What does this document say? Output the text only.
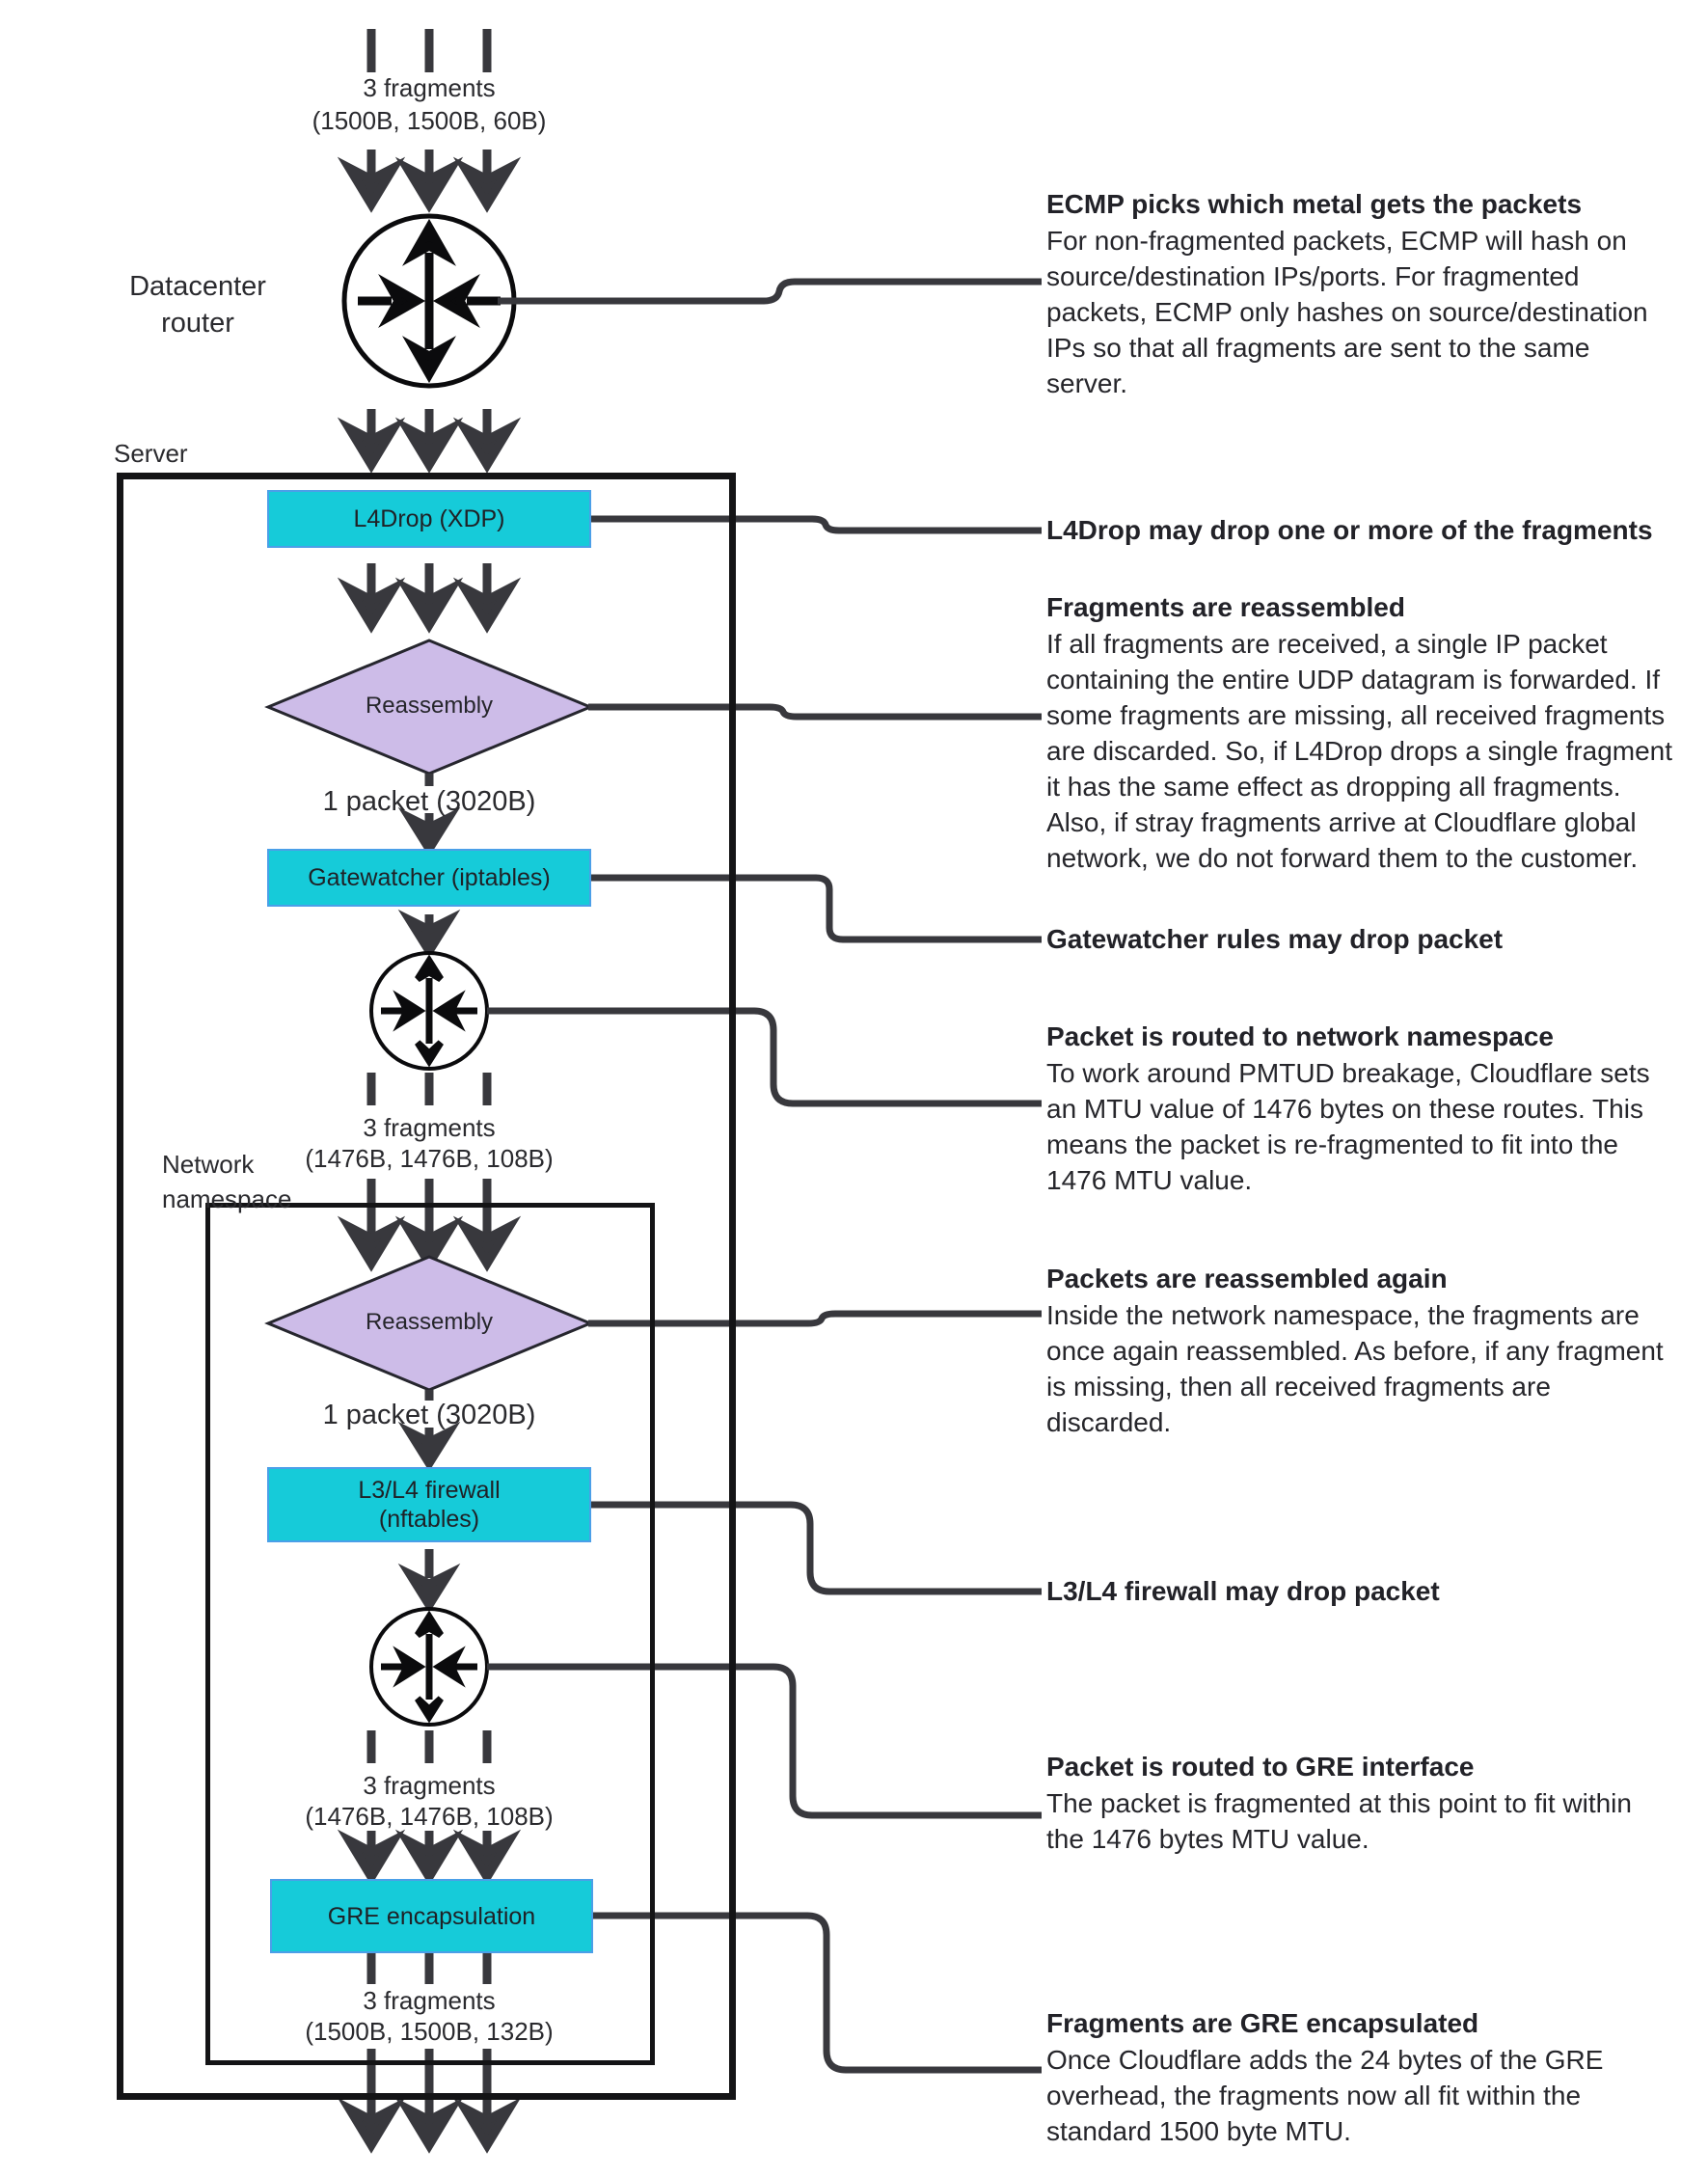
L4Drop (XDP)
Gatewatcher (iptables)
L3/L4 firewall
(nftables)
GRE encapsulation
Reassembly
Reassembly
3 fragments
(1500B, 1500B, 60B)
Datacenter
router
Server
1 packet (3020B)
3 fragments
(1476B, 1476B, 108B)
Network
namespace
1 packet (3020B)
3 fragments
(1476B, 1476B, 108B)
3 fragments
(1500B, 1500B, 132B)
ECMP picks which metal gets the packets
For non-fragmented packets, ECMP will hash on source/destination IPs/ports. For fragmented packets, ECMP only hashes on source/destination IPs so that all fragments are sent to the same server.
L4Drop may drop one or more of the fragments
Fragments are reassembled
If all fragments are received, a single IP packet containing the entire UDP datagram is forwarded. If some fragments are missing, all received fragments are discarded. So, if L4Drop drops a single fragment it has the same effect as dropping all fragments. Also, if stray fragments arrive at Cloudflare global network, we do not forward them to the customer.
Gatewatcher rules may drop packet
Packet is routed to network namespace
To work around PMTUD breakage, Cloudflare sets an MTU value of 1476 bytes on these routes. This means the packet is re-fragmented to fit into the 1476 MTU value.
Packets are reassembled again
Inside the network namespace, the fragments are once again reassembled. As before, if any fragment is missing, then all received fragments are discarded.
L3/L4 firewall may drop packet
Packet is routed to GRE interface
The packet is fragmented at this point to fit within the 1476 bytes MTU value.
Fragments are GRE encapsulated
Once Cloudflare adds the 24 bytes of the GRE overhead, the fragments now all fit within the standard 1500 byte MTU.
